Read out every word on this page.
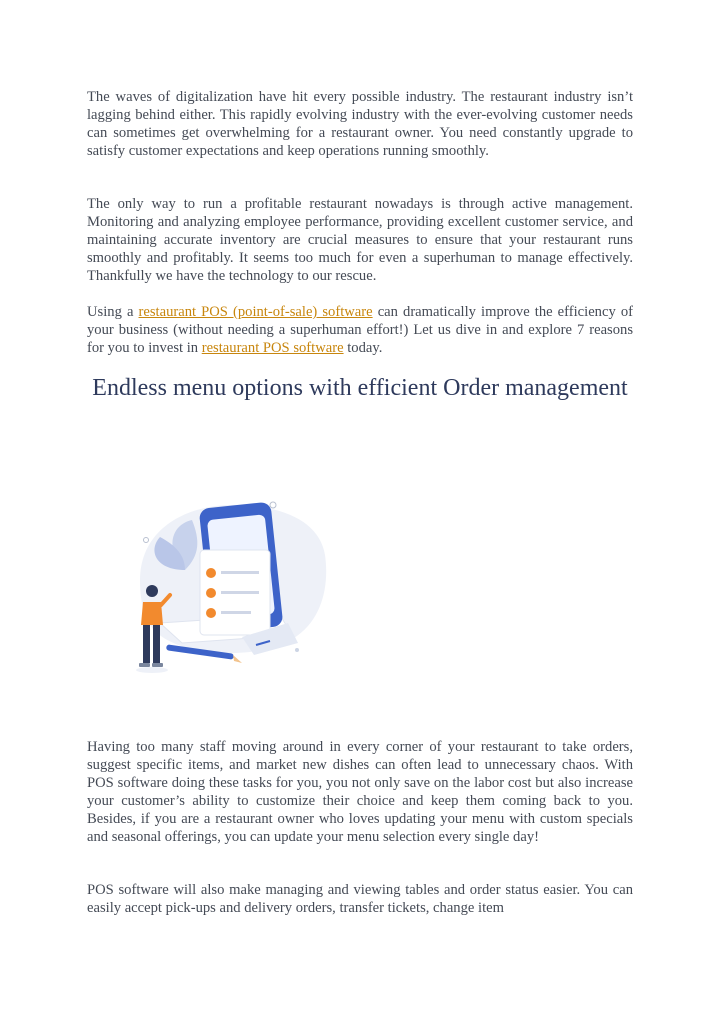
The waves of digitalization have hit every possible industry. The restaurant industry isn’t lagging behind either. This rapidly evolving industry with the ever-evolving customer needs can sometimes get overwhelming for a restaurant owner. You need constantly upgrade to satisfy customer expectations and keep operations running smoothly.

The only way to run a profitable restaurant nowadays is through active management. Monitoring and analyzing employee performance, providing excellent customer service, and maintaining accurate inventory are crucial measures to ensure that your restaurant runs smoothly and profitably. It seems too much for even a superhuman to manage effectively. Thankfully we have the technology to our rescue.

Using a restaurant POS (point-of-sale) software can dramatically improve the efficiency of your business (without needing a superhuman effort!) Let us dive in and explore 7 reasons for you to invest in restaurant POS software today.

Endless menu options with efficient Order management

Having too many staff moving around in every corner of your restaurant to take orders, suggest specific items, and market new dishes can often lead to unnecessary chaos. With POS software doing these tasks for you, you not only save on the labor cost but also increase your customer’s ability to customize their choice and keep them coming back to you. Besides, if you are a restaurant owner who loves updating your menu with custom specials and seasonal offerings, you can update your menu selection every single day!

POS software will also make managing and viewing tables and order status easier. You can easily accept pick-ups and delivery orders, transfer tickets, change item
